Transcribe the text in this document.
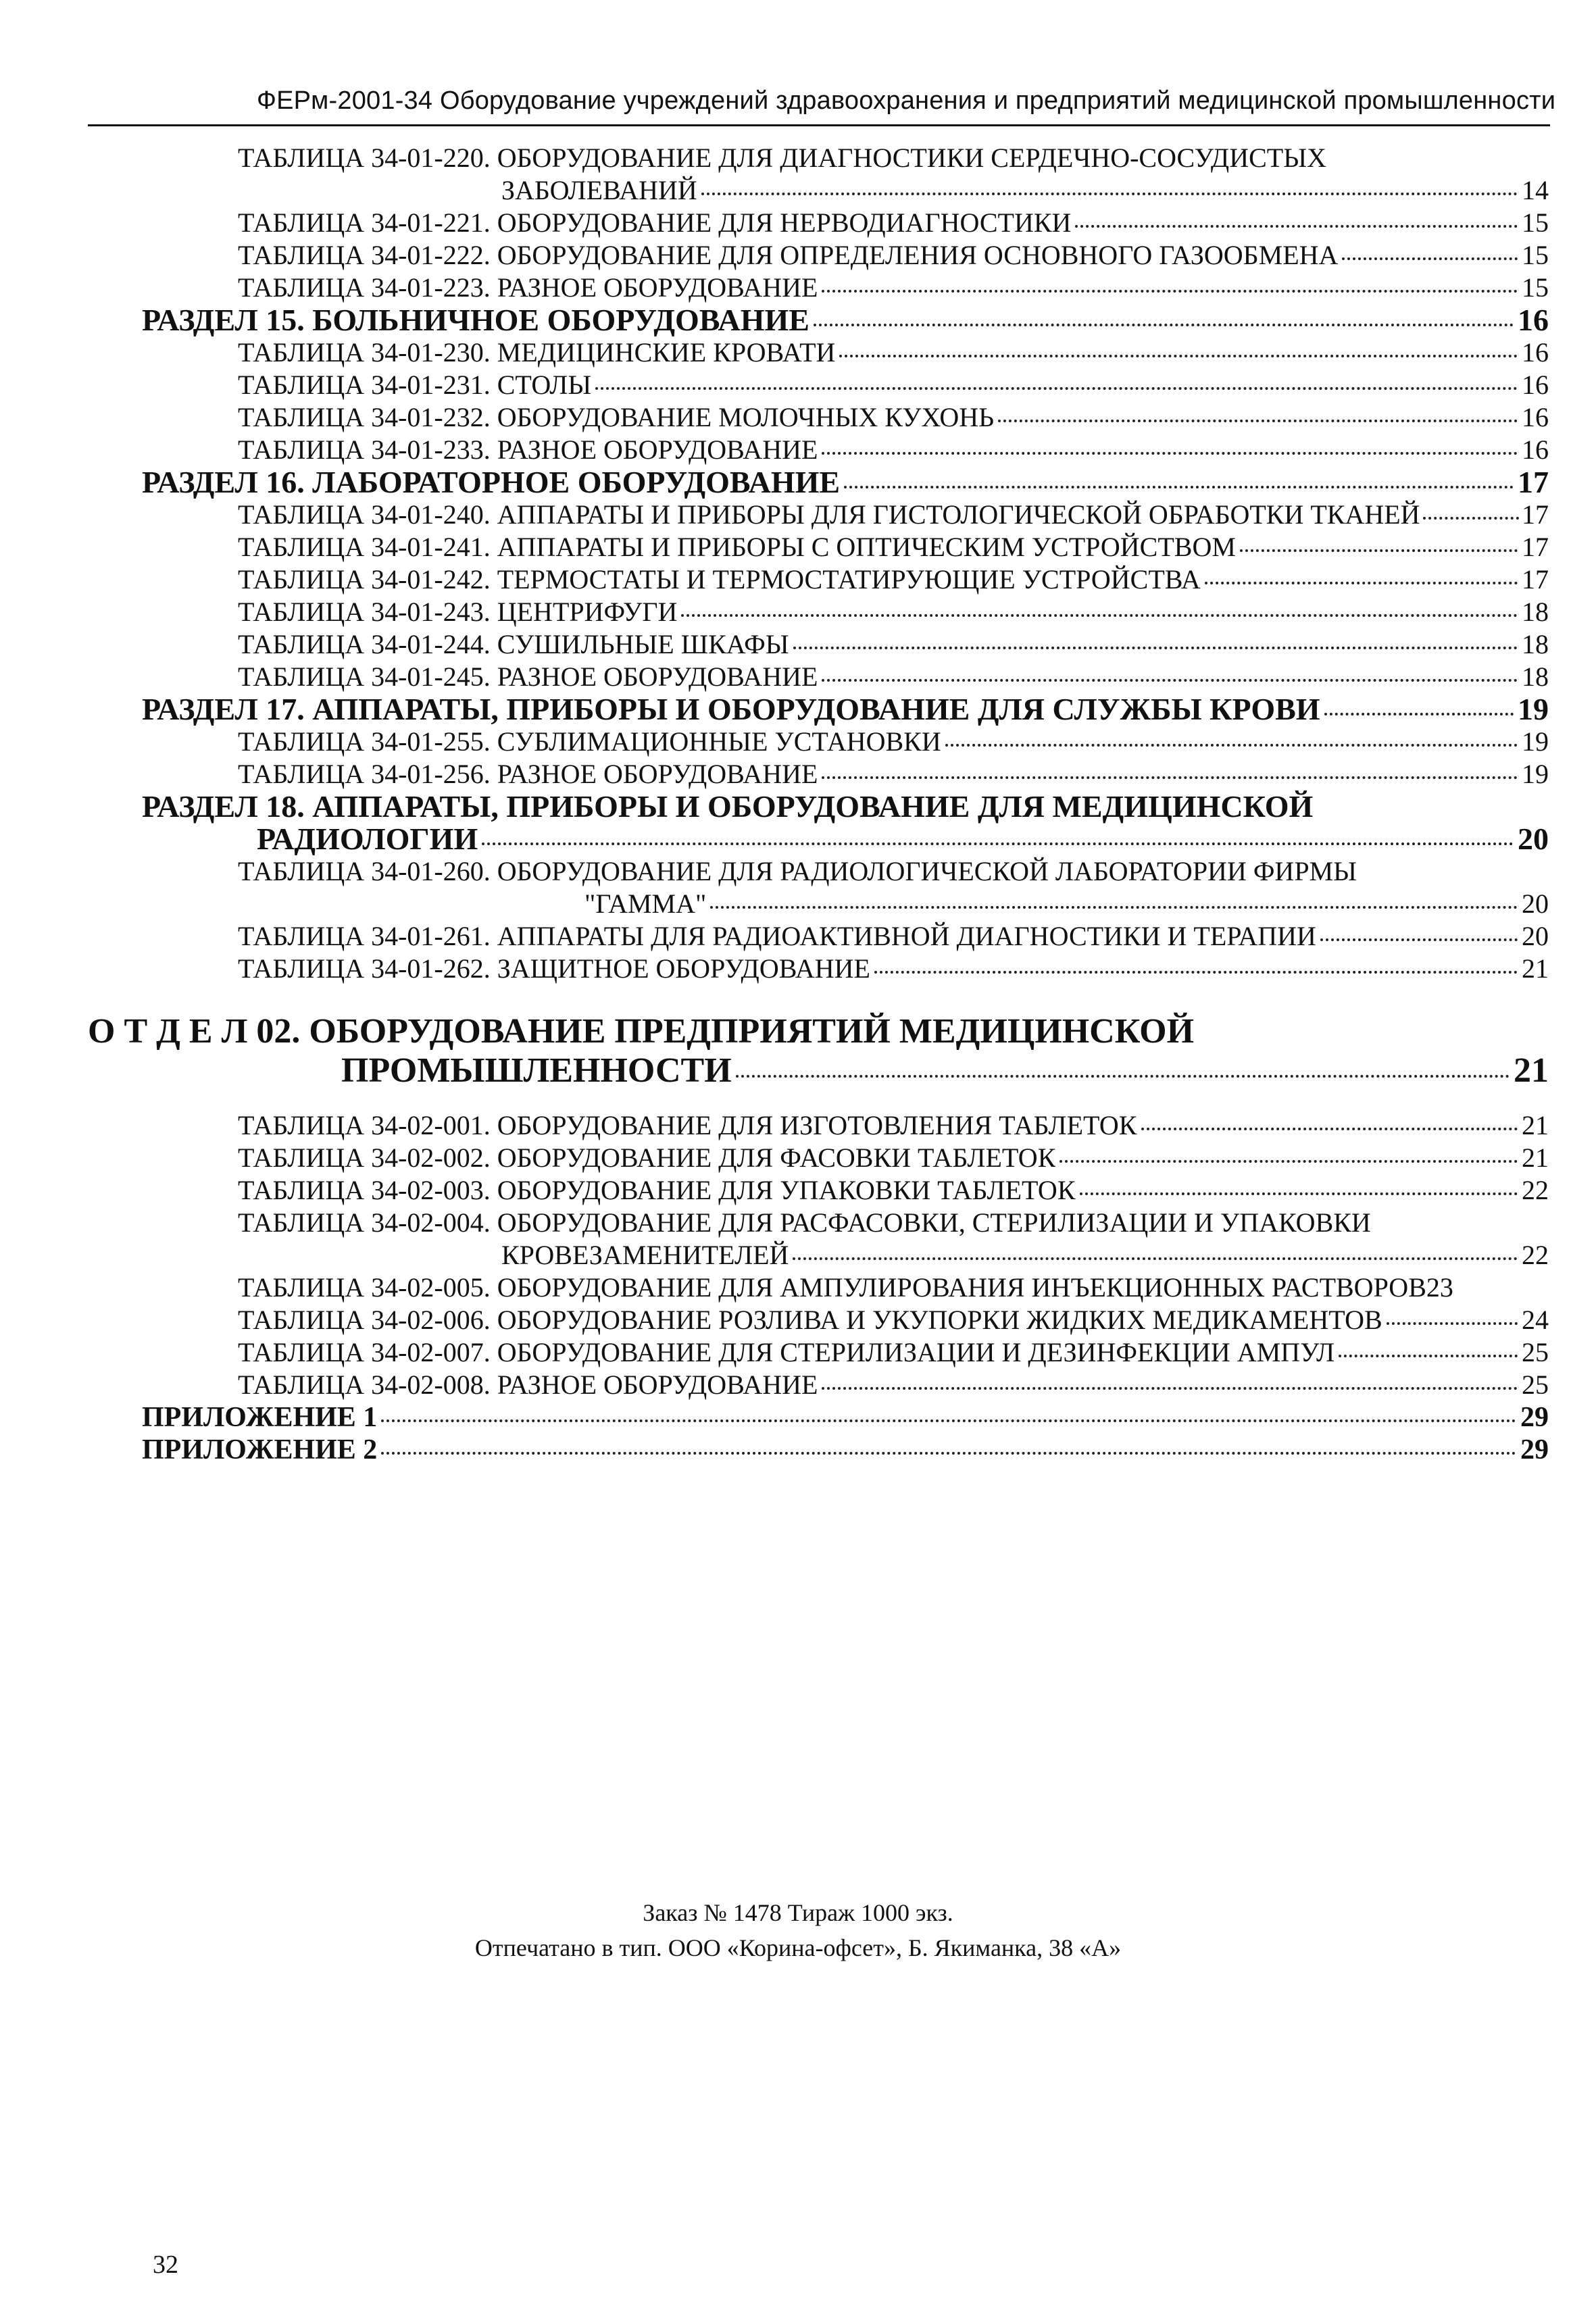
ФЕРм-2001-34 Оборудование учреждений здравоохранения и предприятий медицинской промышленности
ТАБЛИЦА 34-01-220. ОБОРУДОВАНИЕ ДЛЯ ДИАГНОСТИКИ СЕРДЕЧНО-СОСУДИСТЫХ
ЗАБОЛЕВАНИЙ	14
ТАБЛИЦА 34-01-221. ОБОРУДОВАНИЕ ДЛЯ НЕРВОДИАГНОСТИКИ	15
ТАБЛИЦА 34-01-222. ОБОРУДОВАНИЕ ДЛЯ ОПРЕДЕЛЕНИЯ ОСНОВНОГО ГАЗООБМЕНА	15
ТАБЛИЦА 34-01-223. РАЗНОЕ ОБОРУДОВАНИЕ	15
РАЗДЕЛ 15. БОЛЬНИЧНОЕ ОБОРУДОВАНИЕ	16
ТАБЛИЦА 34-01-230. МЕДИЦИНСКИЕ КРОВАТИ	16
ТАБЛИЦА 34-01-231. СТОЛЫ	16
ТАБЛИЦА 34-01-232. ОБОРУДОВАНИЕ МОЛОЧНЫХ КУХОНЬ	16
ТАБЛИЦА 34-01-233. РАЗНОЕ ОБОРУДОВАНИЕ	16
РАЗДЕЛ 16. ЛАБОРАТОРНОЕ ОБОРУДОВАНИЕ	17
ТАБЛИЦА 34-01-240. АППАРАТЫ И ПРИБОРЫ ДЛЯ ГИСТОЛОГИЧЕСКОЙ ОБРАБОТКИ ТКАНЕЙ	17
ТАБЛИЦА 34-01-241. АППАРАТЫ И ПРИБОРЫ С ОПТИЧЕСКИМ УСТРОЙСТВОМ	17
ТАБЛИЦА 34-01-242. ТЕРМОСТАТЫ И ТЕРМОСТАТИРУЮЩИЕ УСТРОЙСТВА	17
ТАБЛИЦА 34-01-243. ЦЕНТРИФУГИ	18
ТАБЛИЦА 34-01-244. СУШИЛЬНЫЕ ШКАФЫ	18
ТАБЛИЦА 34-01-245. РАЗНОЕ ОБОРУДОВАНИЕ	18
РАЗДЕЛ 17. АППАРАТЫ, ПРИБОРЫ И ОБОРУДОВАНИЕ ДЛЯ СЛУЖБЫ КРОВИ	19
ТАБЛИЦА 34-01-255. СУБЛИМАЦИОННЫЕ УСТАНОВКИ	19
ТАБЛИЦА 34-01-256. РАЗНОЕ ОБОРУДОВАНИЕ	19
РАЗДЕЛ 18. АППАРАТЫ, ПРИБОРЫ И ОБОРУДОВАНИЕ ДЛЯ МЕДИЦИНСКОЙ
РАДИОЛОГИИ	20
ТАБЛИЦА 34-01-260. ОБОРУДОВАНИЕ ДЛЯ РАДИОЛОГИЧЕСКОЙ ЛАБОРАТОРИИ ФИРМЫ
"ГАММА"	20
ТАБЛИЦА 34-01-261. АППАРАТЫ ДЛЯ РАДИОАКТИВНОЙ ДИАГНОСТИКИ И ТЕРАПИИ	20
ТАБЛИЦА 34-01-262. ЗАЩИТНОЕ ОБОРУДОВАНИЕ	21
О Т Д Е Л 02. ОБОРУДОВАНИЕ ПРЕДПРИЯТИЙ МЕДИЦИНСКОЙ
ПРОМЫШЛЕННОСТИ	21
ТАБЛИЦА 34-02-001. ОБОРУДОВАНИЕ ДЛЯ ИЗГОТОВЛЕНИЯ ТАБЛЕТОК	21
ТАБЛИЦА 34-02-002. ОБОРУДОВАНИЕ ДЛЯ ФАСОВКИ ТАБЛЕТОК	21
ТАБЛИЦА 34-02-003. ОБОРУДОВАНИЕ ДЛЯ УПАКОВКИ ТАБЛЕТОК	22
ТАБЛИЦА 34-02-004. ОБОРУДОВАНИЕ ДЛЯ РАСФАСОВКИ, СТЕРИЛИЗАЦИИ И УПАКОВКИ
КРОВЕЗАМЕНИТЕЛЕЙ	22
ТАБЛИЦА 34-02-005. ОБОРУДОВАНИЕ ДЛЯ АМПУЛИРОВАНИЯ ИНЪЕКЦИОННЫХ РАСТВОРОВ 23
ТАБЛИЦА 34-02-006. ОБОРУДОВАНИЕ РОЗЛИВА И УКУПОРКИ ЖИДКИХ МЕДИКАМЕНТОВ	24
ТАБЛИЦА 34-02-007. ОБОРУДОВАНИЕ ДЛЯ СТЕРИЛИЗАЦИИ И ДЕЗИНФЕКЦИИ АМПУЛ	25
ТАБЛИЦА 34-02-008. РАЗНОЕ ОБОРУДОВАНИЕ	25
ПРИЛОЖЕНИЕ 1	29
ПРИЛОЖЕНИЕ 2	29
Заказ № 1478 Тираж 1000 экз.
Отпечатано в тип. ООО «Корина-офсет», Б. Якиманка, 38 «А»
32
